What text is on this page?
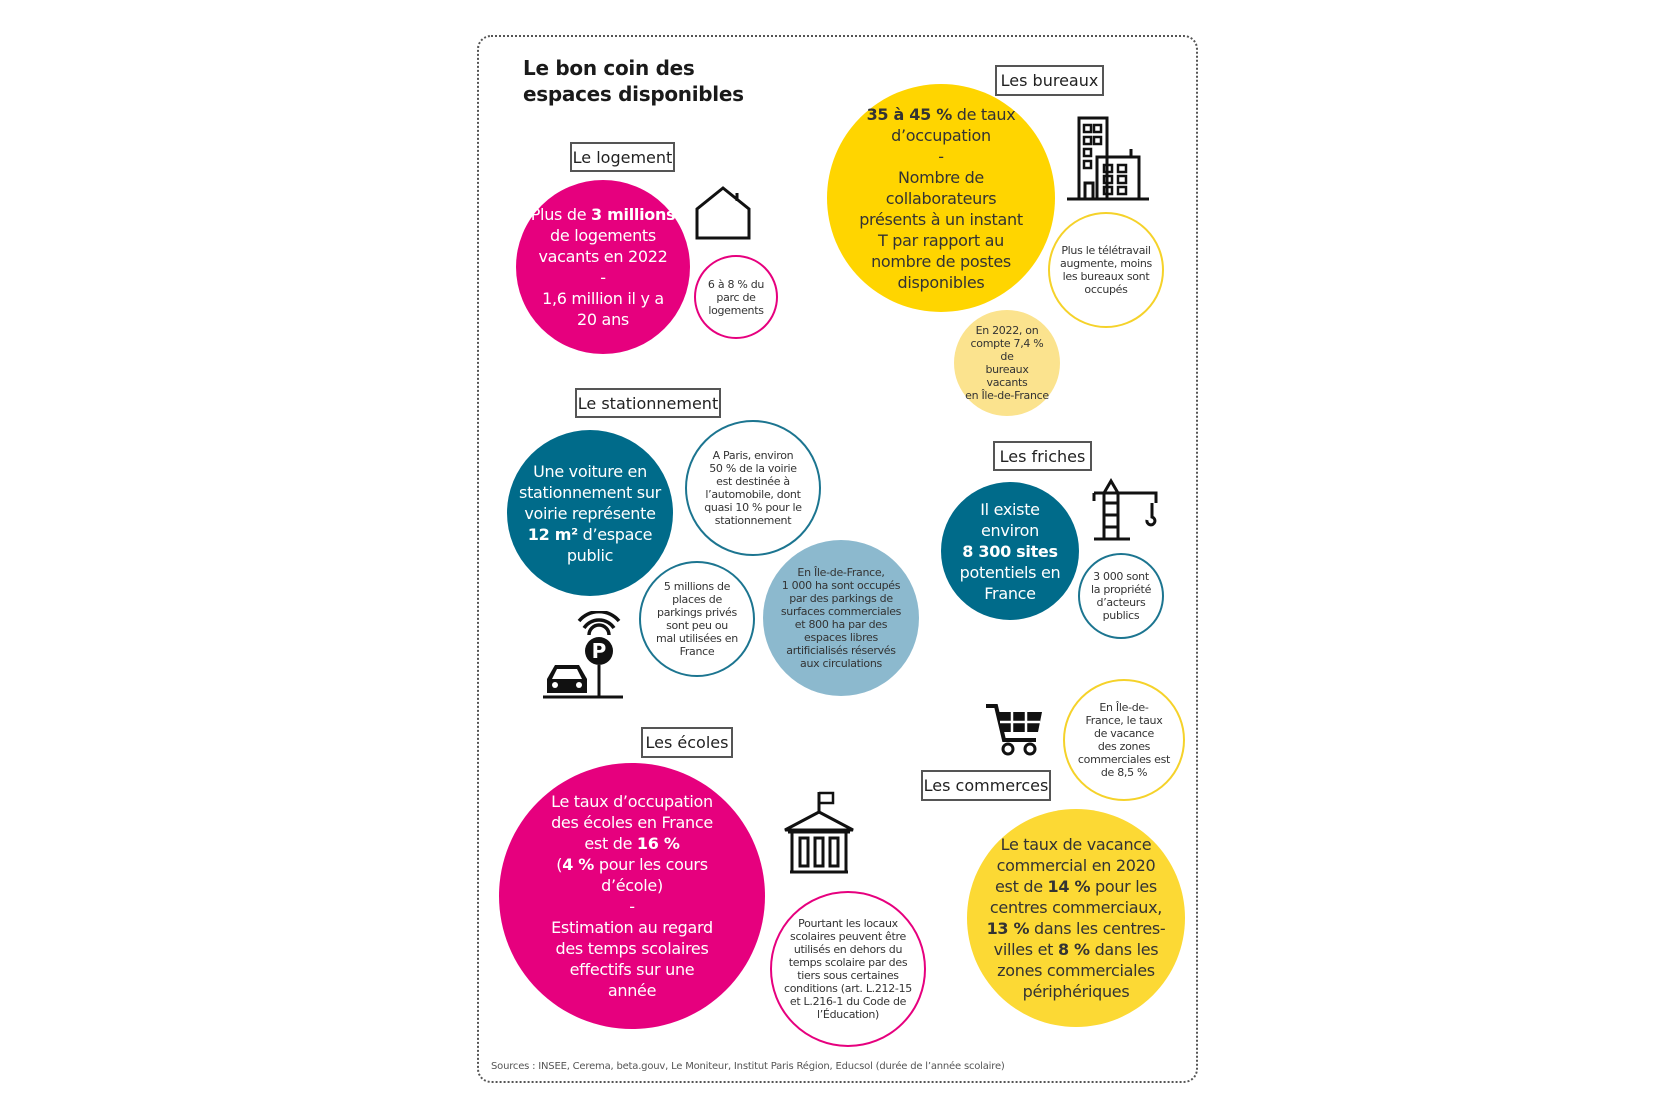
Le bon coin des
espaces disponibles
Le logement
Les bureaux
Le stationnement
Les friches
Les écoles
Les commerces
Plus de 3 millions
de logements
vacants en 2022
-
1,6 million il y a
20 ans
6 à 8 % du
parc de
logements
35 à 45 % de taux
d’occupation
-
Nombre de
collaborateurs
présents à un instant
T par rapport au
nombre de postes
disponibles
Plus le télétravail
augmente, moins
les bureaux sont
occupés
En 2022, on
compte 7,4 % de
bureaux vacants
en Île-de-France
Une voiture en
stationnement sur
voirie représente
12 m² d’espace
public
A Paris, environ
50 % de la voirie
est destinée à
l’automobile, dont
quasi 10 % pour le
stationnement
5 millions de
places de
parkings privés
sont peu ou
mal utilisées en
France
En Île-de-France,
1 000 ha sont occupés
par des parkings de
surfaces commerciales
et 800 ha par des
espaces libres
artificialisés réservés
aux circulations
Il existe environ
8 300 sites
potentiels en
France
3 000 sont
la propriété
d’acteurs
publics
En Île-de-
France, le taux
de vacance
des zones
commerciales est
de 8,5 %
Le taux de vacance
commercial en 2020
est de 14 % pour les
centres commerciaux,
13 % dans les centres-
villes et 8 % dans les
zones commerciales
périphériques
Le taux d’occupation
des écoles en France
est de 16 %
(4 % pour les cours
d’école)
-
Estimation au regard
des temps scolaires
effectifs sur une
année
Pourtant les locaux
scolaires peuvent être
utilisés en dehors du
temps scolaire par des
tiers sous certaines
conditions (art. L.212-15
et L.216-1 du Code de
l’Éducation)
P
Sources : INSEE, Cerema, beta.gouv, Le Moniteur, Institut Paris Région, Educsol (durée de l’année scolaire)
